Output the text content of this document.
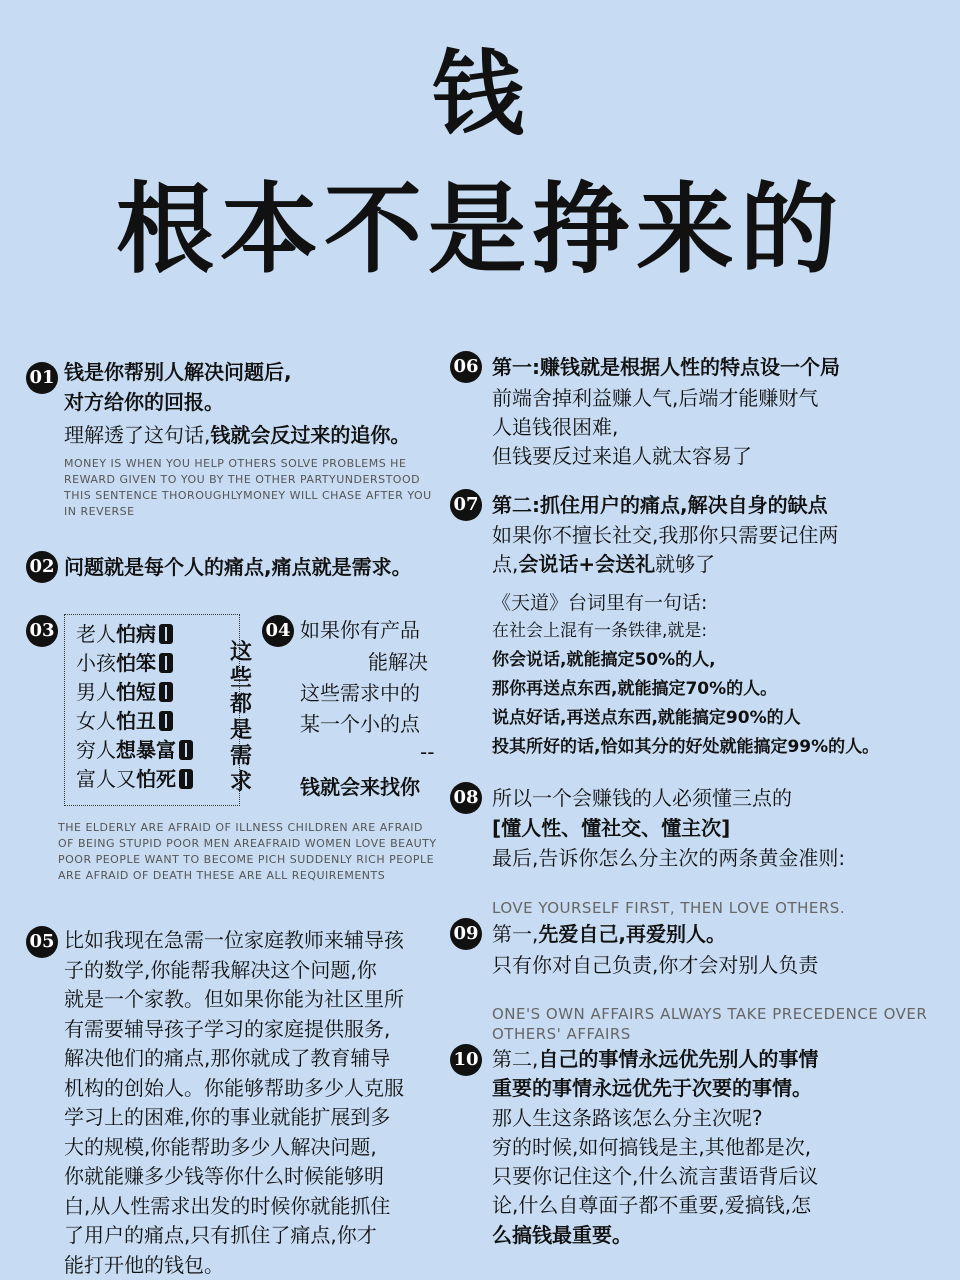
钱
根本不是挣来的
01 钱是你帮别人解决问题后,
对方给你的回报。
理解透了这句话,钱就会反过来的追你。
MONEY IS WHEN YOU HELP OTHERS SOLVE PROBLEMS HE REWARD GIVEN TO YOU BY THE OTHER PARTYUNDERSTOOD THIS SENTENCE THOROUGHLYMONEY WILL CHASE AFTER YOU IN REVERSE
02 问题就是每个人的痛点,痛点就是需求。
03 老人怕病
小孩怕笨
男人怕短
女人怕丑
穷人想暴富
富人又怕死
这些都是需求
04 如果你有产品
能解决
这些需求中的
某一个小的点
--
钱就会来找你
THE ELDERLY ARE AFRAID OF ILLNESS CHILDREN ARE AFRAID OF BEING STUPID POOR MEN AREAFRAID WOMEN LOVE BEAUTY POOR PEOPLE WANT TO BECOME PICH SUDDENLY RICH PEOPLE ARE AFRAID OF DEATH THESE ARE ALL REQUIREMENTS
05 比如我现在急需一位家庭教师来辅导孩
子的数学,你能帮我解决这个问题,你
就是一个家教。但如果你能为社区里所
有需要辅导孩子学习的家庭提供服务,
解决他们的痛点,那你就成了教育辅导
机构的创始人。你能够帮助多少人克服
学习上的困难,你的事业就能扩展到多
大的规模,你能帮助多少人解决问题,
你就能赚多少钱等你什么时候能够明
白,从人性需求出发的时候你就能抓住
了用户的痛点,只有抓住了痛点,你才
能打开他的钱包。
06 第一:赚钱就是根据人性的特点设一个局
前端舍掉利益赚人气,后端才能赚财气
人追钱很困难,
但钱要反过来追人就太容易了
07 第二:抓住用户的痛点,解决自身的缺点
如果你不擅长社交,我那你只需要记住两
点,会说话+会送礼就够了
《天道》台词里有一句话:
在社会上混有一条铁律,就是:
你会说话,就能搞定50%的人,
那你再送点东西,就能搞定70%的人。
说点好话,再送点东西,就能搞定90%的人
投其所好的话,恰如其分的好处就能搞定99%的人。
08 所以一个会赚钱的人必须懂三点的
[懂人性、懂社交、懂主次]
最后,告诉你怎么分主次的两条黄金准则:
LOVE YOURSELF FIRST, THEN LOVE OTHERS.
09 第一,先爱自己,再爱别人。
只有你对自己负责,你才会对别人负责
ONE'S OWN AFFAIRS ALWAYS TAKE PRECEDENCE OVER
OTHERS' AFFAIRS
10 第二,自己的事情永远优先别人的事情
重要的事情永远优先于次要的事情。
那人生这条路该怎么分主次呢?
穷的时候,如何搞钱是主,其他都是次,
只要你记住这个,什么流言蜚语背后议
论,什么自尊面子都不重要,爱搞钱,怎
么搞钱最重要。
